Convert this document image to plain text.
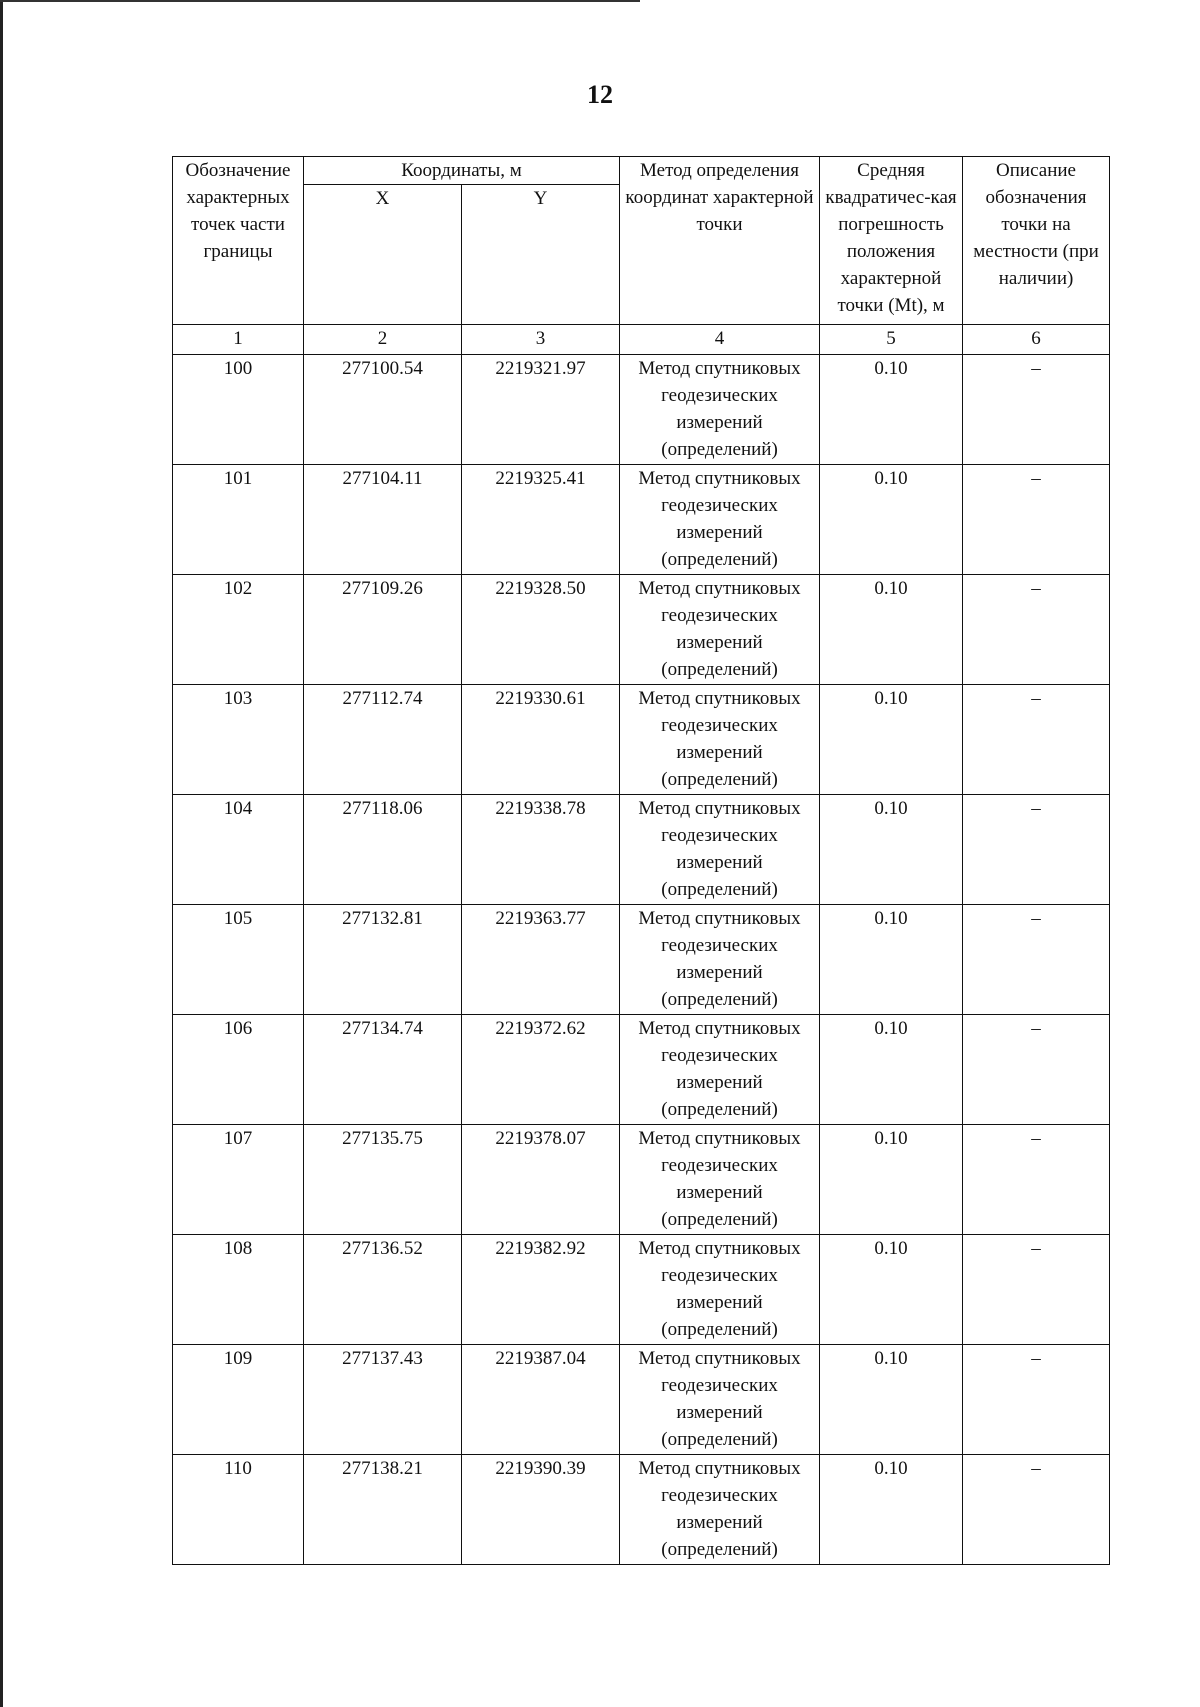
12
Обозначение характерных точек части границы	Координаты, м		Метод определения координат характерной точки	Средняя квадратичес-кая погрешность положения характерной точки (Mt), м	Описание обозначения точки на местности (при наличии)
	X	Y			
1	2	3	4	5	6
100	277100.54	2219321.97	Метод спутниковых геодезических измерений (определений)	0.10	–
101	277104.11	2219325.41	Метод спутниковых геодезических измерений (определений)	0.10	–
102	277109.26	2219328.50	Метод спутниковых геодезических измерений (определений)	0.10	–
103	277112.74	2219330.61	Метод спутниковых геодезических измерений (определений)	0.10	–
104	277118.06	2219338.78	Метод спутниковых геодезических измерений (определений)	0.10	–
105	277132.81	2219363.77	Метод спутниковых геодезических измерений (определений)	0.10	–
106	277134.74	2219372.62	Метод спутниковых геодезических измерений (определений)	0.10	–
107	277135.75	2219378.07	Метод спутниковых геодезических измерений (определений)	0.10	–
108	277136.52	2219382.92	Метод спутниковых геодезических измерений (определений)	0.10	–
109	277137.43	2219387.04	Метод спутниковых геодезических измерений (определений)	0.10	–
110	277138.21	2219390.39	Метод спутниковых геодезических измерений (определений)	0.10	–
